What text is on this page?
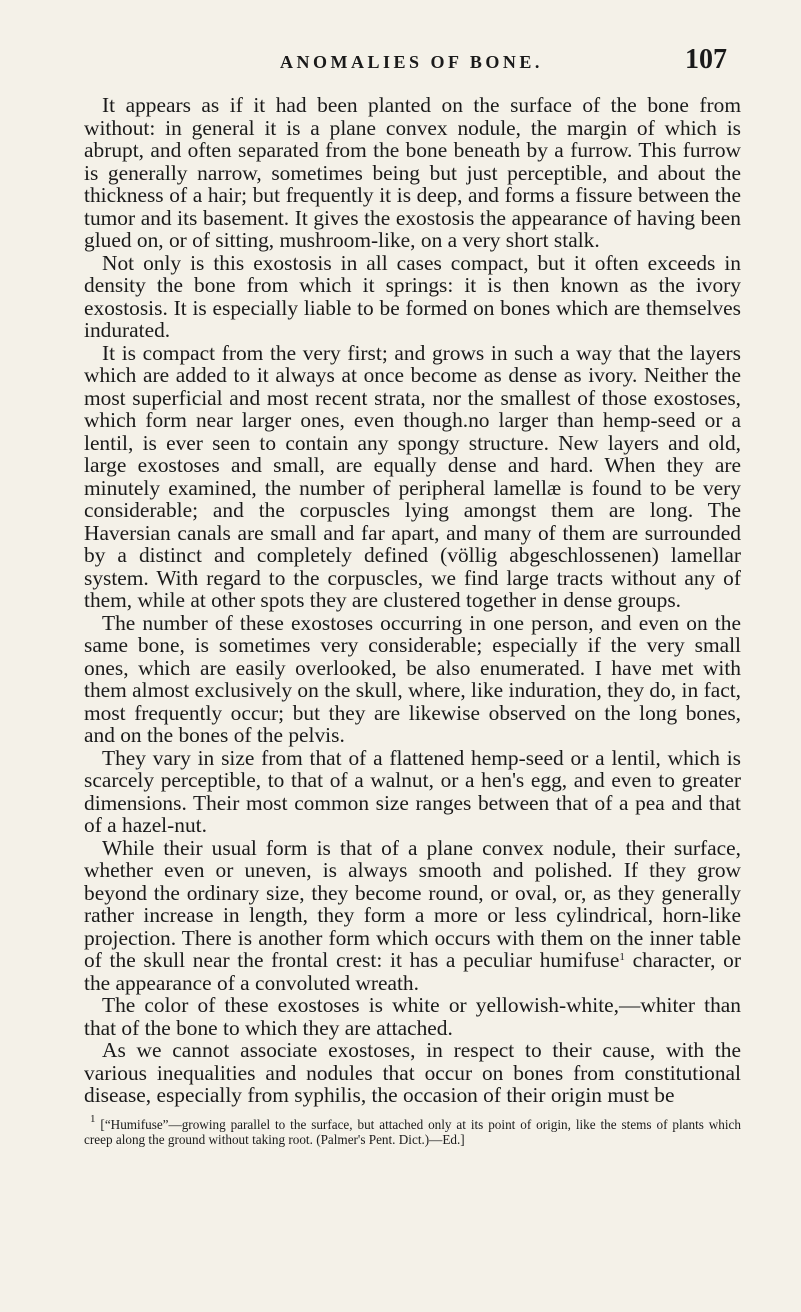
ANOMALIES OF BONE.	107

It appears as if it had been planted on the surface of the bone from without: in general it is a plane convex nodule, the margin of which is abrupt, and often separated from the bone beneath by a furrow. This furrow is generally narrow, sometimes being but just perceptible, and about the thickness of a hair; but frequently it is deep, and forms a fissure between the tumor and its basement. It gives the exostosis the appearance of having been glued on, or of sitting, mushroom-like, on a very short stalk.

Not only is this exostosis in all cases compact, but it often exceeds in density the bone from which it springs: it is then known as the ivory exostosis. It is especially liable to be formed on bones which are themselves indurated.

It is compact from the very first; and grows in such a way that the layers which are added to it always at once become as dense as ivory. Neither the most superficial and most recent strata, nor the smallest of those exostoses, which form near larger ones, even though.no larger than hemp-seed or a lentil, is ever seen to contain any spongy structure. New layers and old, large exostoses and small, are equally dense and hard. When they are minutely examined, the number of peripheral lamellæ is found to be very considerable; and the corpuscles lying amongst them are long. The Haversian canals are small and far apart, and many of them are surrounded by a distinct and completely defined (völlig abgeschlossenen) lamellar system. With regard to the corpuscles, we find large tracts without any of them, while at other spots they are clustered together in dense groups.

The number of these exostoses occurring in one person, and even on the same bone, is sometimes very considerable; especially if the very small ones, which are easily overlooked, be also enumerated. I have met with them almost exclusively on the skull, where, like induration, they do, in fact, most frequently occur; but they are likewise observed on the long bones, and on the bones of the pelvis.

They vary in size from that of a flattened hemp-seed or a lentil, which is scarcely perceptible, to that of a walnut, or a hen's egg, and even to greater dimensions. Their most common size ranges between that of a pea and that of a hazel-nut.

While their usual form is that of a plane convex nodule, their surface, whether even or uneven, is always smooth and polished. If they grow beyond the ordinary size, they become round, or oval, or, as they generally rather increase in length, they form a more or less cylindrical, horn-like projection. There is another form which occurs with them on the inner table of the skull near the frontal crest: it has a peculiar humifuse$^1$ character, or the appearance of a convoluted wreath.

The color of these exostoses is white or yellowish-white,—whiter than that of the bone to which they are attached.

As we cannot associate exostoses, in respect to their cause, with the various inequalities and nodules that occur on bones from constitutional disease, especially from syphilis, the occasion of their origin must be

$^1$ [“Humifuse”—growing parallel to the surface, but attached only at its point of origin, like the stems of plants which creep along the ground without taking root. (Palmer's Pent. Dict.)—Ed.]
